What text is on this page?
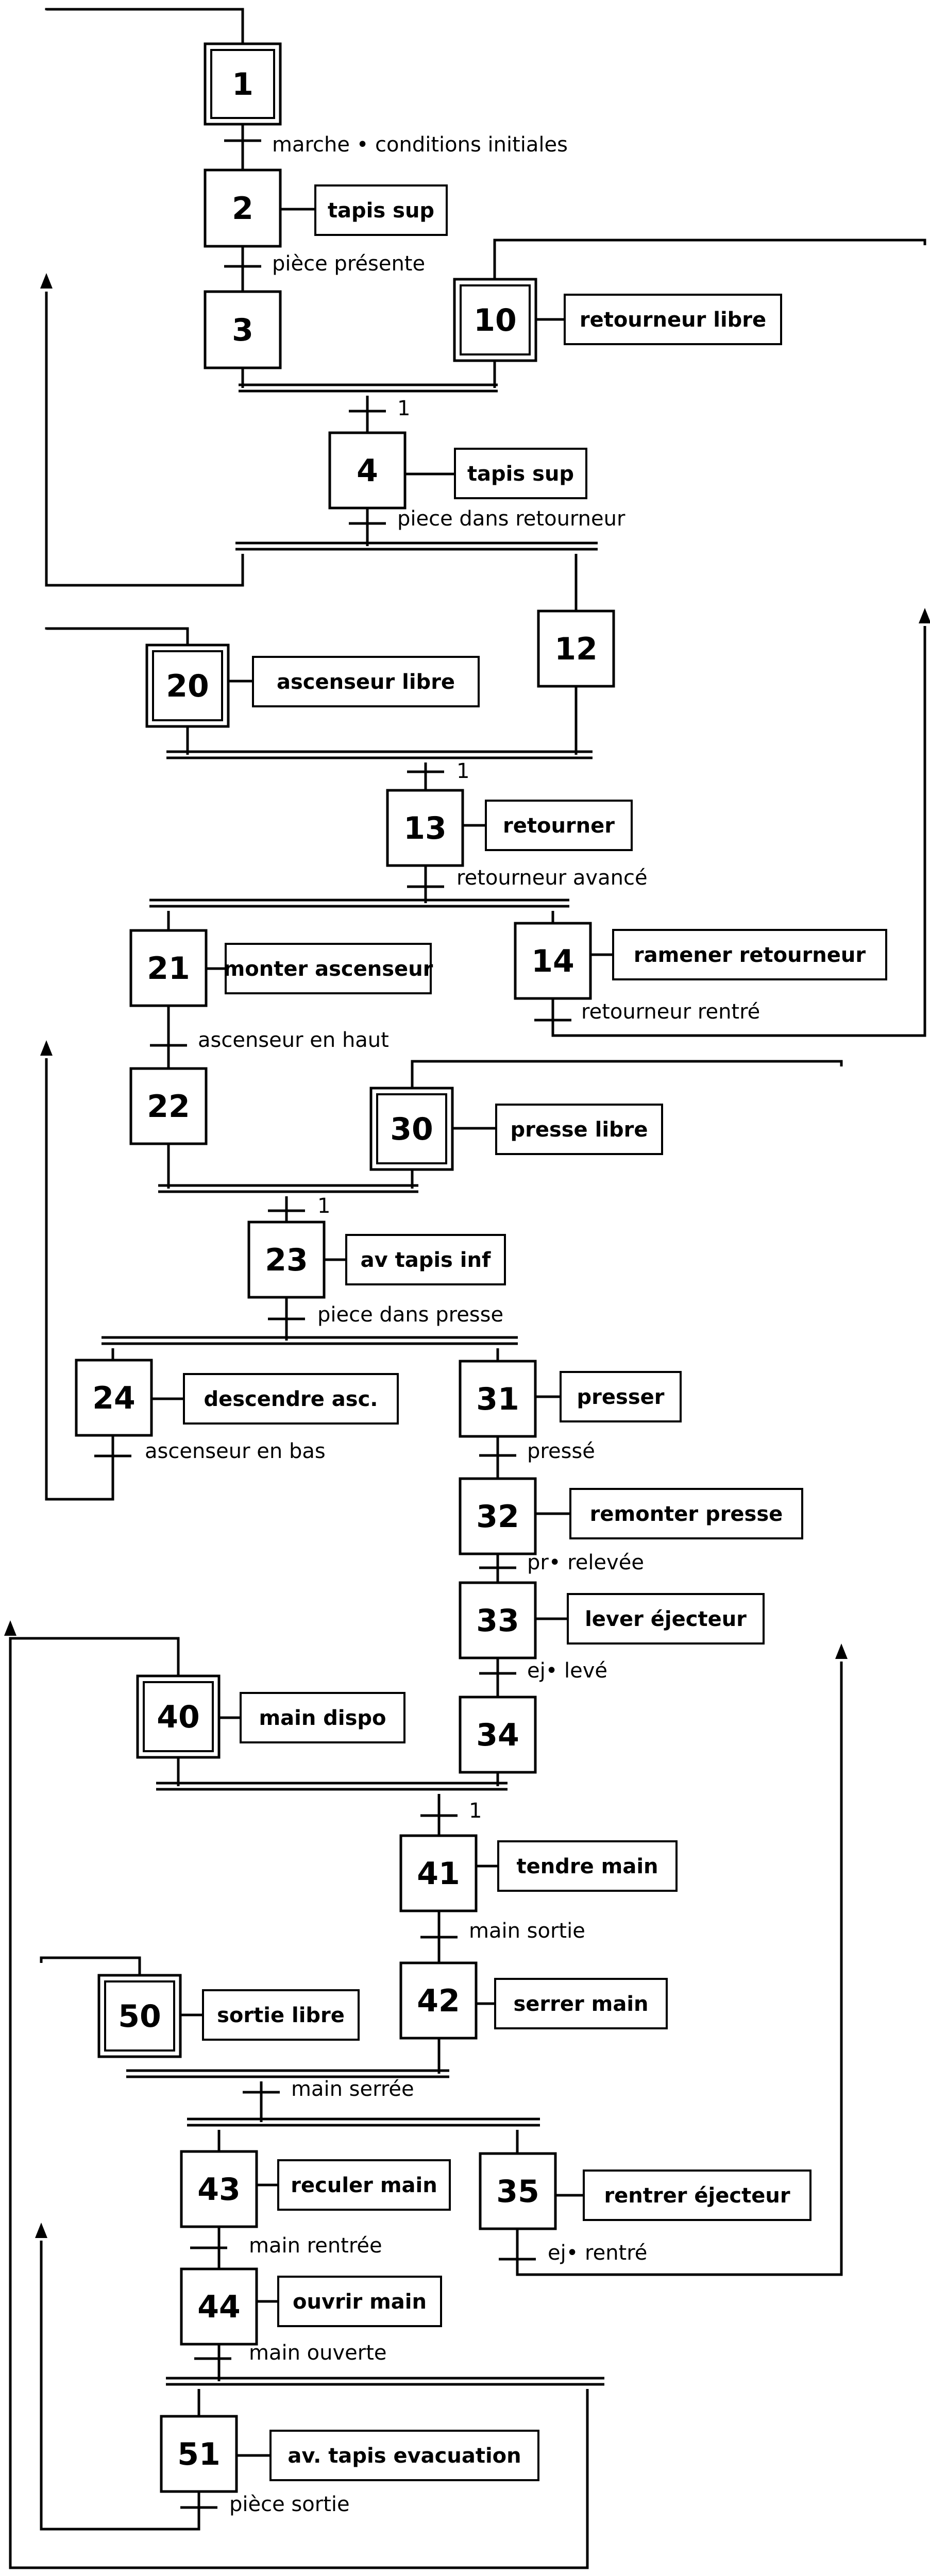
1
2
3	10
4
12
20
13
21	14
22
30
23
24	31
32
33
40	34
41
50	42
43	35
44
51
tapis sup
retourneur libre
tapis sup
ascenseur libre
retourner
monter ascenseur
ramener retourneur
presse libre
av tapis inf
descendre asc.	presser
remonter presse
lever éjecteur
main dispo
tendre main
sortie libre	serrer main
reculer main	rentrer éjecteur
ouvrir main
av. tapis evacuation
marche • conditions initiales
pièce présente
1
piece dans retourneur
1
retourneur avancé
retourneur rentré
ascenseur en haut
1
piece dans presse
ascenseur en bas	pressé
pr• relevée
ej• levé
1
main sortie
main serrée
main rentrée	ej• rentré
main ouverte
pièce sortie
